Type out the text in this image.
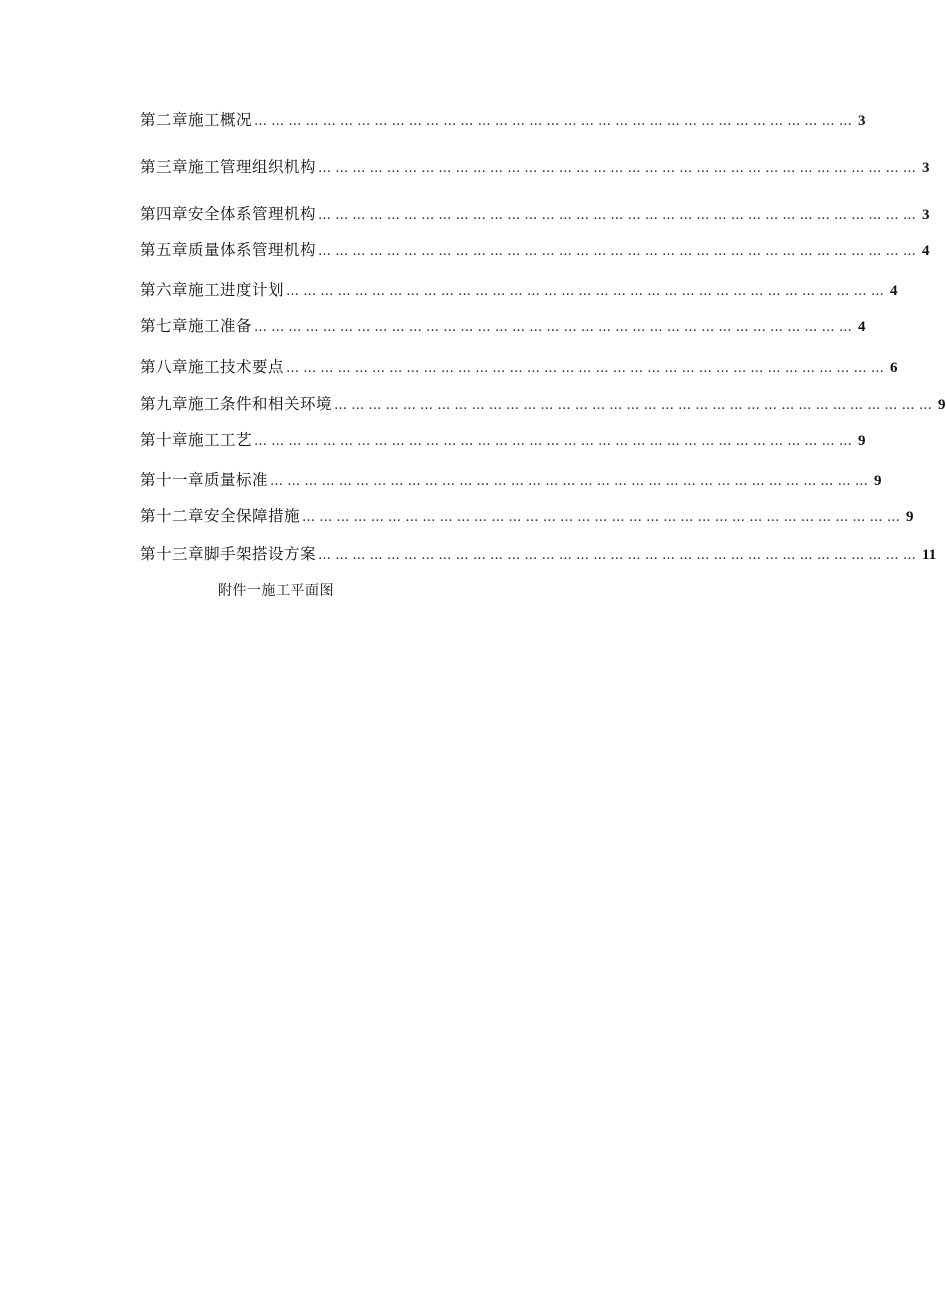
第二章施工概况 …………………………………………………………………………………………… 3
第三章施工管理组织机构 …………………………………………………………………………………………… 3
第四章安全体系管理机构 …………………………………………………………………………………………… 3
第五章质量体系管理机构 …………………………………………………………………………………………… 4
第六章施工进度计划 …………………………………………………………………………………………… 4
第七章施工准备 …………………………………………………………………………………………… 4
第八章施工技术要点 …………………………………………………………………………………………… 6
第九章施工条件和相关环境 …………………………………………………………………………………………… 9
第十章施工工艺 …………………………………………………………………………………………… 9
第十一章质量标准 …………………………………………………………………………………………… 9
第十二章安全保障措施 …………………………………………………………………………………………… 9
第十三章脚手架搭设方案 …………………………………………………………………………………………… 11
附件一施工平面图
